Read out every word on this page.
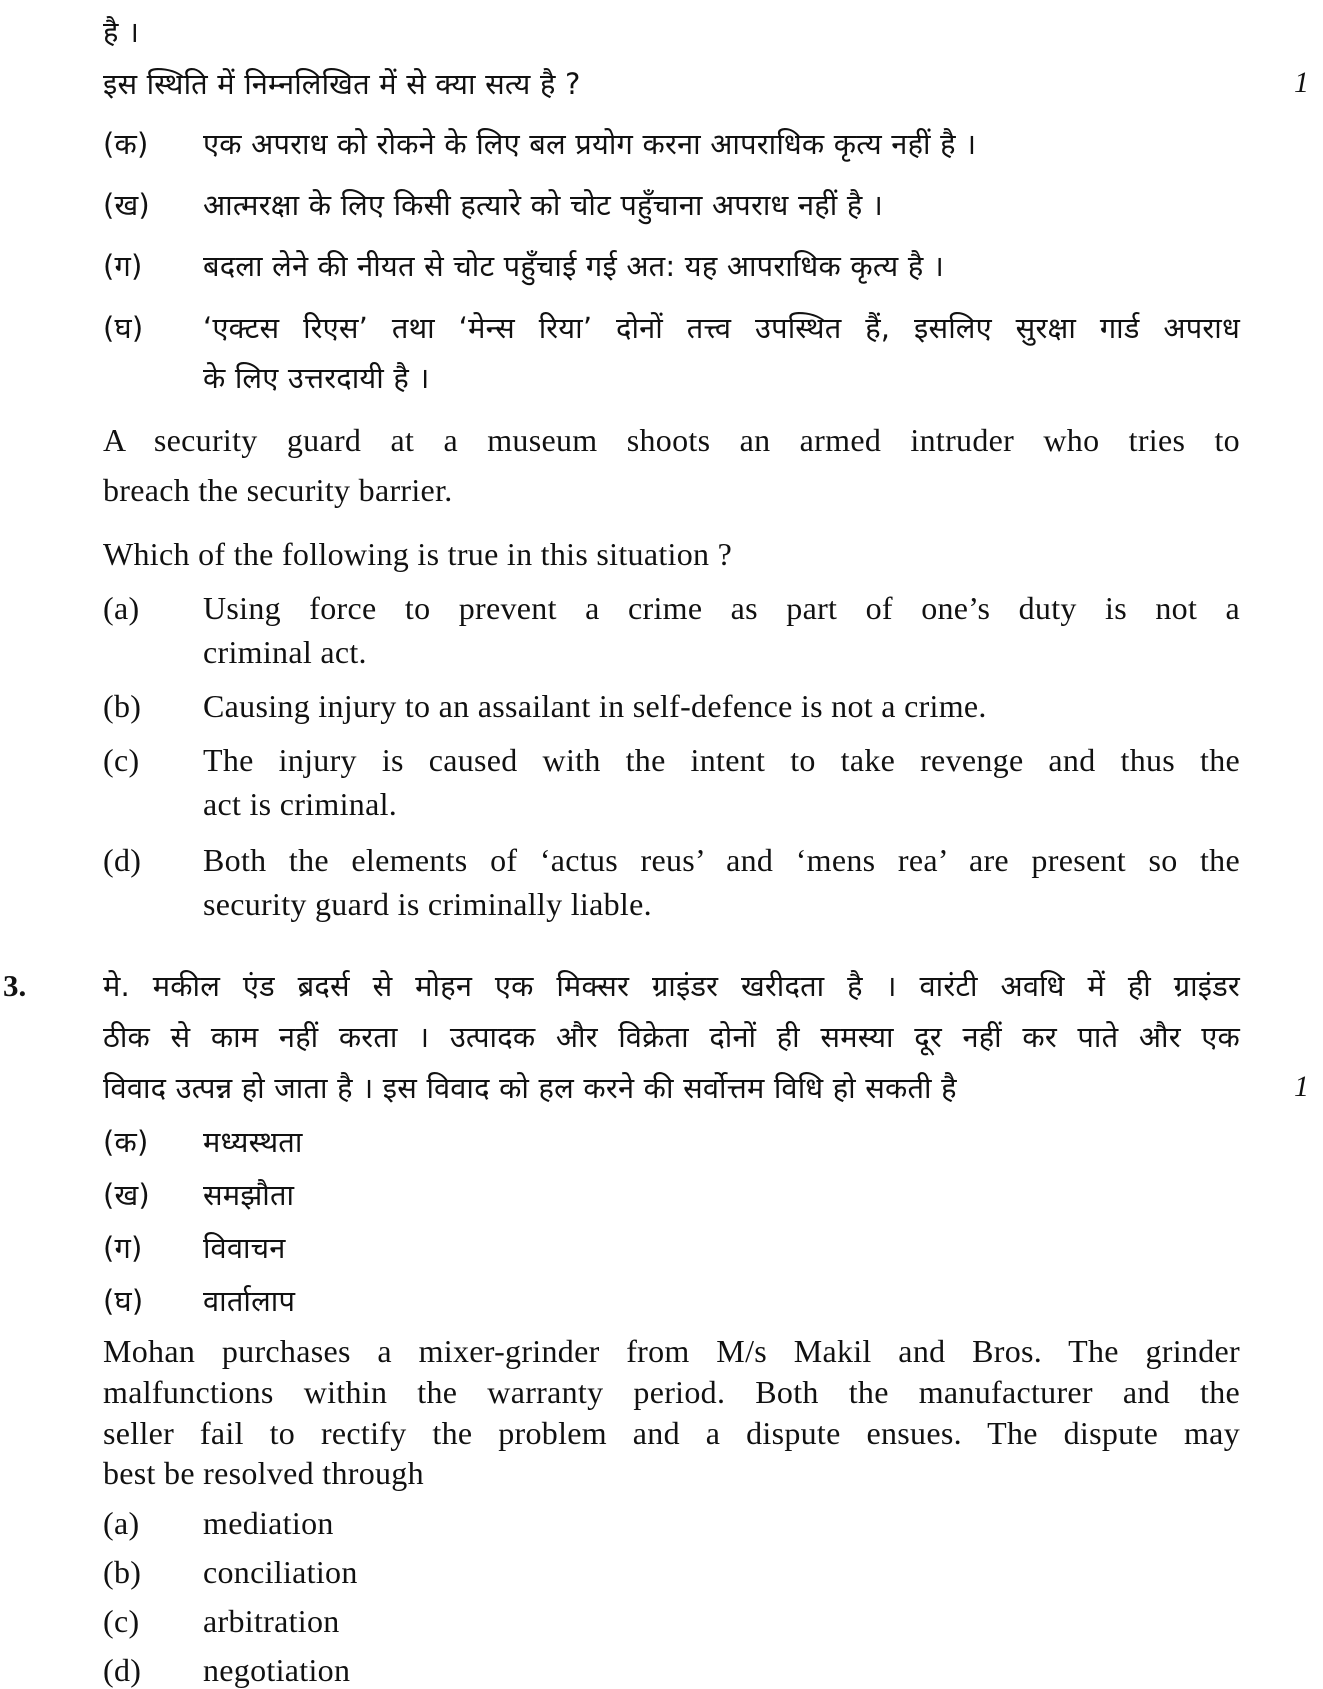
है ।
इस स्थिति में निम्नलिखित में से क्या सत्य है ?	1
(क) एक अपराध को रोकने के लिए बल प्रयोग करना आपराधिक कृत्य नहीं है ।
(ख) आत्मरक्षा के लिए किसी हत्यारे को चोट पहुँचाना अपराध नहीं है ।
(ग) बदला लेने की नीयत से चोट पहुँचाई गई अत: यह आपराधिक कृत्य है ।
(घ) ‘एक्टस रिएस’ तथा ‘मेन्स रिया’ दोनों तत्त्व उपस्थित हैं, इसलिए सुरक्षा गार्ड अपराध
के लिए उत्तरदायी है ।
A security guard at a museum shoots an armed intruder who tries to
breach the security barrier.
Which of the following is true in this situation ?
(a) Using force to prevent a crime as part of one’s duty is not a
criminal act.
(b) Causing injury to an assailant in self-defence is not a crime.
(c) The injury is caused with the intent to take revenge and thus the
act is criminal.
(d) Both the elements of ‘actus reus’ and ‘mens rea’ are present so the
security guard is criminally liable.
3.	मे. मकील एंड ब्रदर्स से मोहन एक मिक्सर ग्राइंडर खरीदता है । वारंटी अवधि में ही ग्राइंडर
ठीक से काम नहीं करता । उत्पादक और विक्रेता दोनों ही समस्या दूर नहीं कर पाते और एक
विवाद उत्पन्न हो जाता है । इस विवाद को हल करने की सर्वोत्तम विधि हो सकती है	1
(क) मध्यस्थता
(ख) समझौता
(ग) विवाचन
(घ) वार्तालाप
Mohan purchases a mixer-grinder from M/s Makil and Bros. The grinder
malfunctions within the warranty period. Both the manufacturer and the
seller fail to rectify the problem and a dispute ensues. The dispute may
best be resolved through
(a) mediation
(b) conciliation
(c) arbitration
(d) negotiation
